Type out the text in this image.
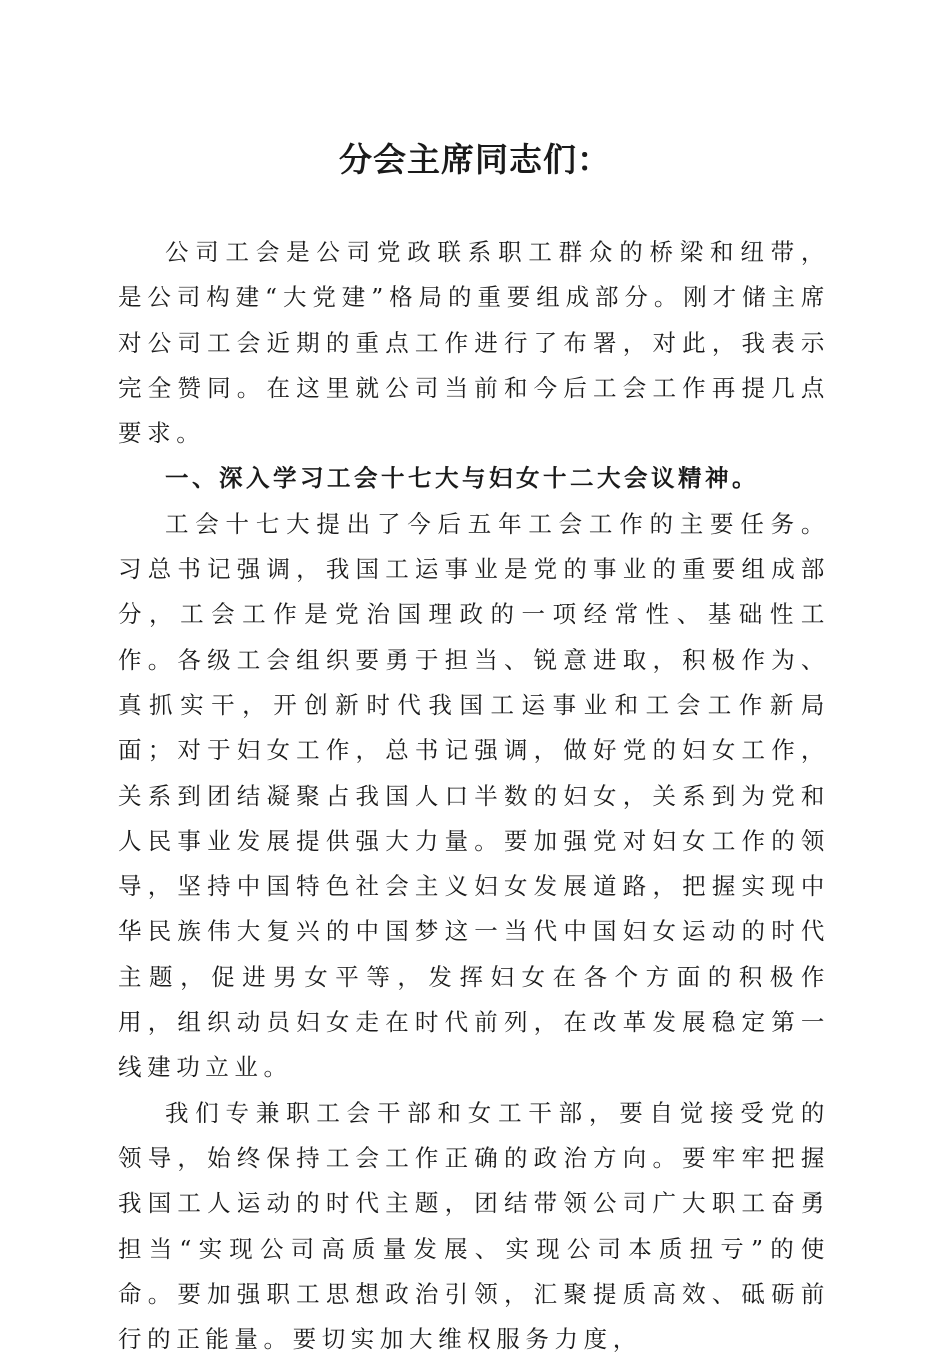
分会主席同志们：

公司工会是公司党政联系职工群众的桥梁和纽带，是公司构建“大党建”格局的重要组成部分。刚才储主席对公司工会近期的重点工作进行了布署，对此，我表示完全赞同。在这里就公司当前和今后工会工作再提几点要求。

一、深入学习工会十七大与妇女十二大会议精神。

工会十七大提出了今后五年工会工作的主要任务。习总书记强调，我国工运事业是党的事业的重要组成部分，工会工作是党治国理政的一项经常性、基础性工作。各级工会组织要勇于担当、锐意进取，积极作为、真抓实干，开创新时代我国工运事业和工会工作新局面；对于妇女工作，总书记强调，做好党的妇女工作，关系到团结凝聚占我国人口半数的妇女，关系到为党和人民事业发展提供强大力量。要加强党对妇女工作的领导，坚持中国特色社会主义妇女发展道路，把握实现中华民族伟大复兴的中国梦这一当代中国妇女运动的时代主题，促进男女平等，发挥妇女在各个方面的积极作用，组织动员妇女走在时代前列，在改革发展稳定第一线建功立业。

我们专兼职工会干部和女工干部，要自觉接受党的领导，始终保持工会工作正确的政治方向。要牢牢把握我国工人运动的时代主题，团结带领公司广大职工奋勇担当“实现公司高质量发展、实现公司本质扭亏”的使命。要加强职工思想政治引领，汇聚提质高效、砥砺前行的正能量。要切实加大维权服务力度，
